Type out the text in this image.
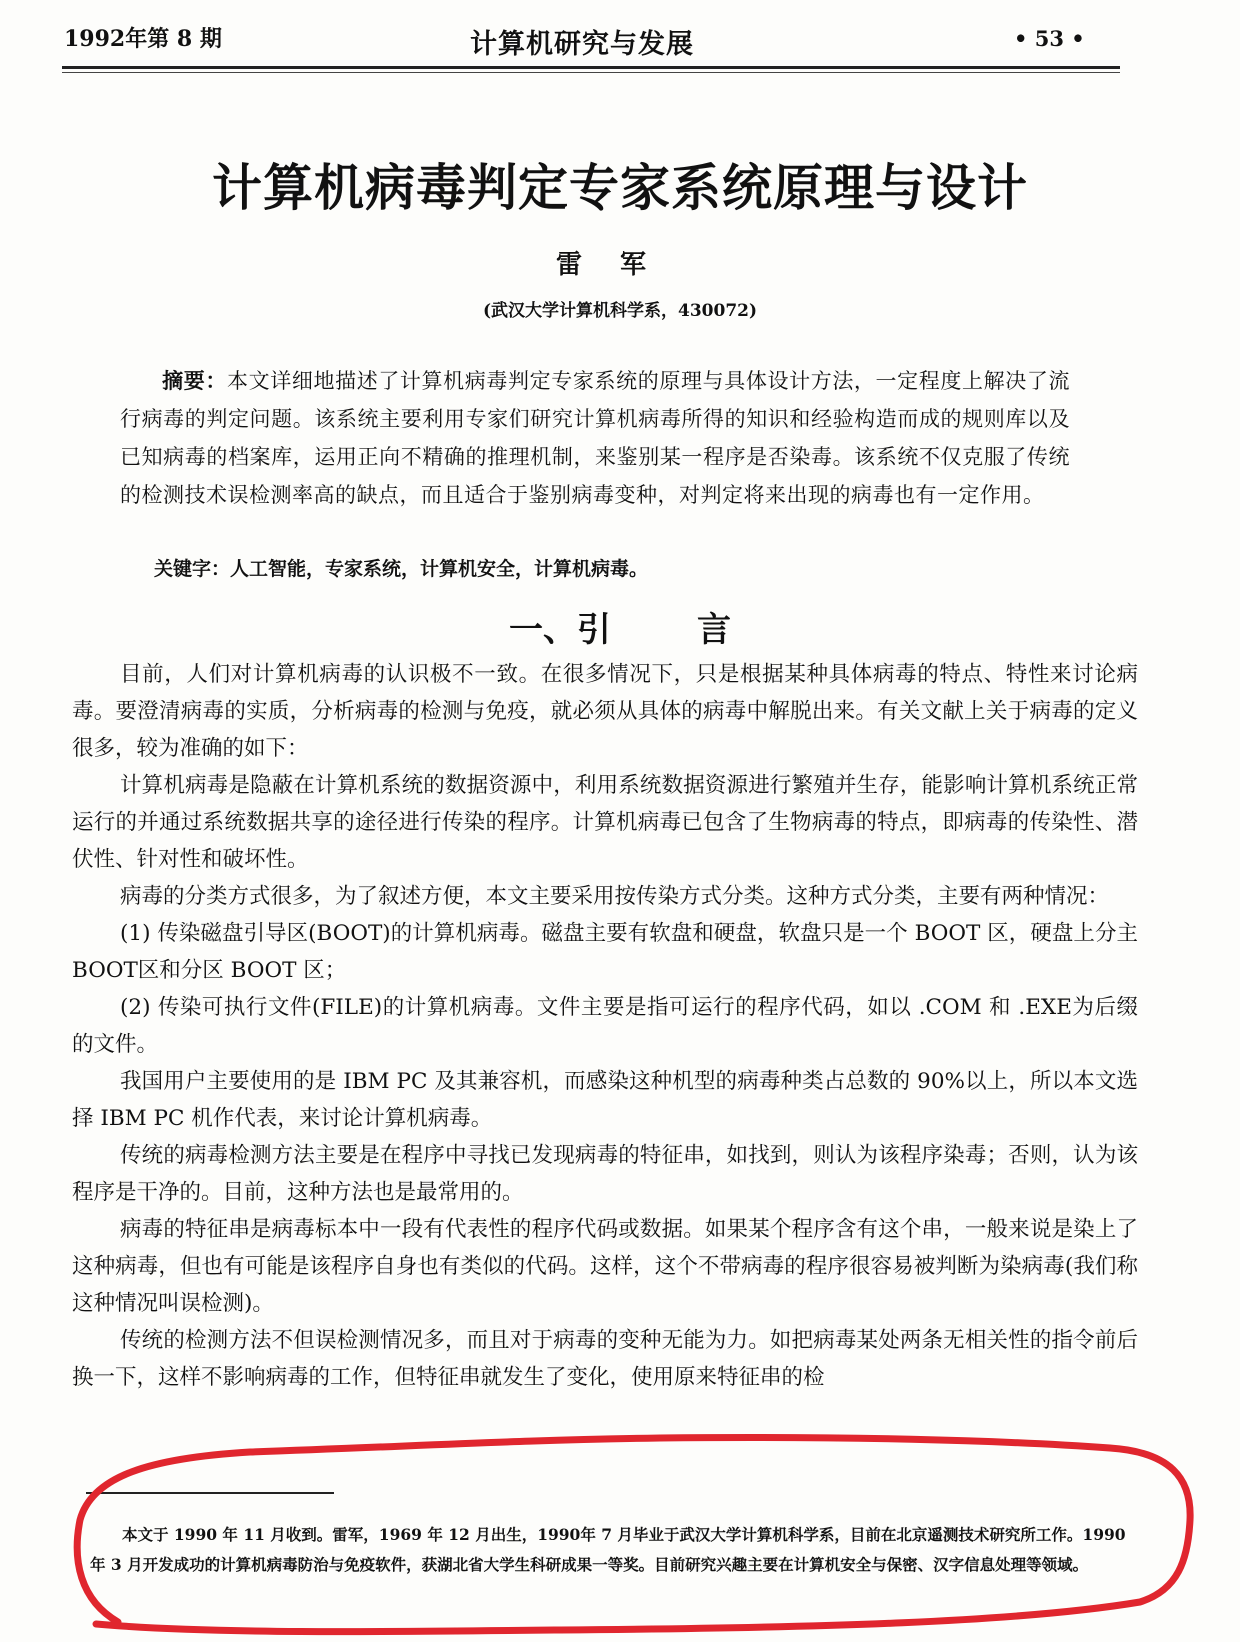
1992年第 8 期	计算机研究与发展	• 53 •
计算机病毒判定专家系统原理与设计
雷军
(武汉大学计算机科学系，430072)
摘要：本文详细地描述了计算机病毒判定专家系统的原理与具体设计方法，一定程度上解决了流行病毒的判定问题。该系统主要利用专家们研究计算机病毒所得的知识和经验构造而成的规则库以及已知病毒的档案库，运用正向不精确的推理机制，来鉴别某一程序是否染毒。该系统不仅克服了传统的检测技术误检测率高的缺点，而且适合于鉴别病毒变种，对判定将来出现的病毒也有一定作用。
关键字：人工智能，专家系统，计算机安全，计算机病毒。
一、引	言

目前，人们对计算机病毒的认识极不一致。在很多情况下，只是根据某种具体病毒的特点、特性来讨论病毒。要澄清病毒的实质，分析病毒的检测与免疫，就必须从具体的病毒中解脱出来。有关文献上关于病毒的定义很多，较为准确的如下：

计算机病毒是隐蔽在计算机系统的数据资源中，利用系统数据资源进行繁殖并生存，能影响计算机系统正常运行的并通过系统数据共享的途径进行传染的程序。计算机病毒已包含了生物病毒的特点，即病毒的传染性、潜伏性、针对性和破坏性。

病毒的分类方式很多，为了叙述方便，本文主要采用按传染方式分类。这种方式分类，主要有两种情况：

(1) 传染磁盘引导区(BOOT)的计算机病毒。磁盘主要有软盘和硬盘，软盘只是一个 BOOT 区，硬盘上分主 BOOT区和分区 BOOT 区；

(2) 传染可执行文件(FILE)的计算机病毒。文件主要是指可运行的程序代码，如以 .COM 和 .EXE为后缀的文件。

我国用户主要使用的是 IBM PC 及其兼容机，而感染这种机型的病毒种类占总数的 90%以上，所以本文选择 IBM PC 机作代表，来讨论计算机病毒。

传统的病毒检测方法主要是在程序中寻找已发现病毒的特征串，如找到，则认为该程序染毒；否则，认为该程序是干净的。目前，这种方法也是最常用的。

病毒的特征串是病毒标本中一段有代表性的程序代码或数据。如果某个程序含有这个串，一般来说是染上了这种病毒，但也有可能是该程序自身也有类似的代码。这样，这个不带病毒的程序很容易被判断为染病毒(我们称这种情况叫误检测)。

传统的检测方法不但误检测情况多，而且对于病毒的变种无能为力。如把病毒某处两条无相关性的指令前后换一下，这样不影响病毒的工作，但特征串就发生了变化，使用原来特征串的检

本文于 1990 年 11 月收到。雷军，1969 年 12 月出生，1990年 7 月毕业于武汉大学计算机科学系，目前在北京遥测技术研究所工作。1990 年 3 月开发成功的计算机病毒防治与免疫软件，获湖北省大学生科研成果一等奖。目前研究兴趣主要在计算机安全与保密、汉字信息处理等领域。
